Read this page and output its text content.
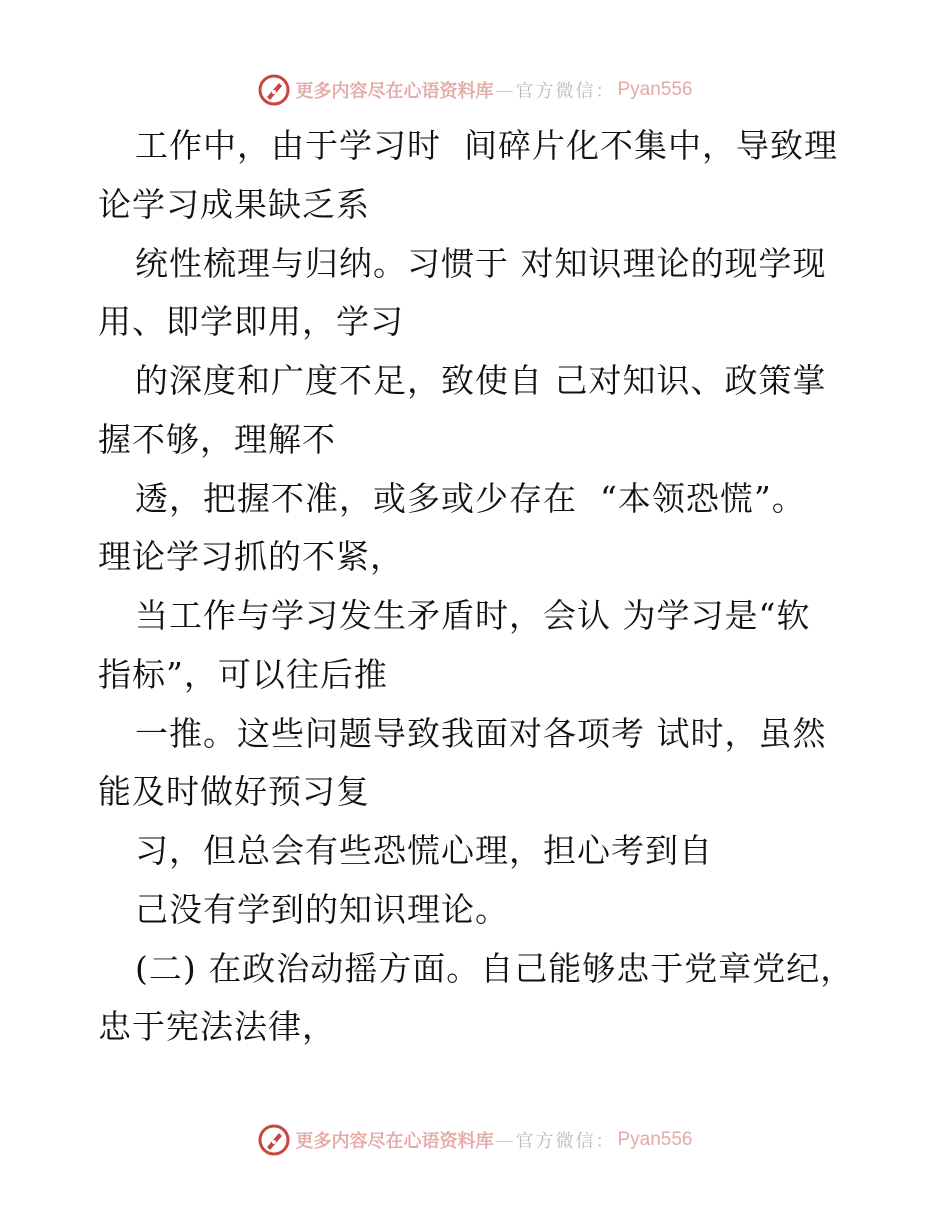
更多内容尽在心语资料库 — 官方微信： Pyan556
工作中，由于学习时  间碎片化不集中，导致理
论学习成果缺乏系
统性梳理与归纳。习惯于 对知识理论的现学现
用、即学即用，学习
的深度和广度不足，致使自 己对知识、政策掌
握不够，理解不
透，把握不准，或多或少存在  “本领恐慌”。
理论学习抓的不紧，
当工作与学习发生矛盾时，会认 为学习是“软
指标”，可以往后推
一推。这些问题导致我面对各项考 试时，虽然
能及时做好预习复
习，但总会有些恐慌心理，担心考到自
己没有学到的知识理论。
(二) 在政治动摇方面。自己能够忠于党章党纪，
忠于宪法法律，
更多内容尽在心语资料库 — 官方微信： Pyan556
